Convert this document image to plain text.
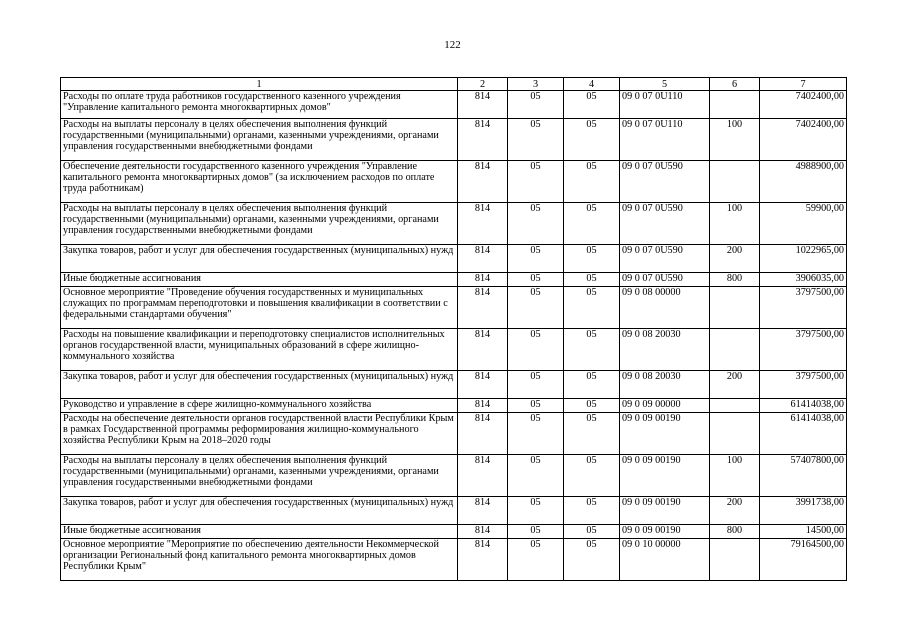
122
1	2	3	4	5	6	7
Расходы по оплате труда работников государственного казенного учреждения "Управление капитального ремонта многоквартирных домов"	814	05	05	09 0 07 0U110		7402400,00
Расходы на выплаты персоналу в целях обеспечения выполнения функций государственными (муниципальными) органами, казенными учреждениями, органами управления государственными внебюджетными фондами	814	05	05	09 0 07 0U110	100	7402400,00
Обеспечение деятельности государственного казенного учреждения "Управление капитального ремонта многоквартирных домов" (за исключением расходов по оплате труда работникам)	814	05	05	09 0 07 0U590		4988900,00
Расходы на выплаты персоналу в целях обеспечения выполнения функций государственными (муниципальными) органами, казенными учреждениями, органами управления государственными внебюджетными фондами	814	05	05	09 0 07 0U590	100	59900,00
Закупка товаров, работ и услуг для обеспечения государственных (муниципальных) нужд	814	05	05	09 0 07 0U590	200	1022965,00
Иные бюджетные ассигнования	814	05	05	09 0 07 0U590	800	3906035,00
Основное мероприятие "Проведение обучения государственных и муниципальных служащих по программам переподготовки и повышения квалификации в соответствии с федеральными стандартами обучения"	814	05	05	09 0 08 00000		3797500,00
Расходы на повышение квалификации и переподготовку специалистов исполнительных органов государственной власти, муниципальных образований в сфере жилищно-коммунального хозяйства	814	05	05	09 0 08 20030		3797500,00
Закупка товаров, работ и услуг для обеспечения государственных (муниципальных) нужд	814	05	05	09 0 08 20030	200	3797500,00
Руководство и управление в сфере жилищно-коммунального хозяйства	814	05	05	09 0 09 00000		61414038,00
Расходы на обеспечение деятельности органов государственной власти Республики Крым в рамках Государственной программы реформирования жилищно-коммунального хозяйства Республики Крым на 2018–2020 годы	814	05	05	09 0 09 00190		61414038,00
Расходы на выплаты персоналу в целях обеспечения выполнения функций государственными (муниципальными) органами, казенными учреждениями, органами управления государственными внебюджетными фондами	814	05	05	09 0 09 00190	100	57407800,00
Закупка товаров, работ и услуг для обеспечения государственных (муниципальных) нужд	814	05	05	09 0 09 00190	200	3991738,00
Иные бюджетные ассигнования	814	05	05	09 0 09 00190	800	14500,00
Основное мероприятие "Мероприятие по обеспечению деятельности Некоммерческой организации Региональный фонд капитального ремонта многоквартирных домов Республики Крым"	814	05	05	09 0 10 00000		79164500,00
